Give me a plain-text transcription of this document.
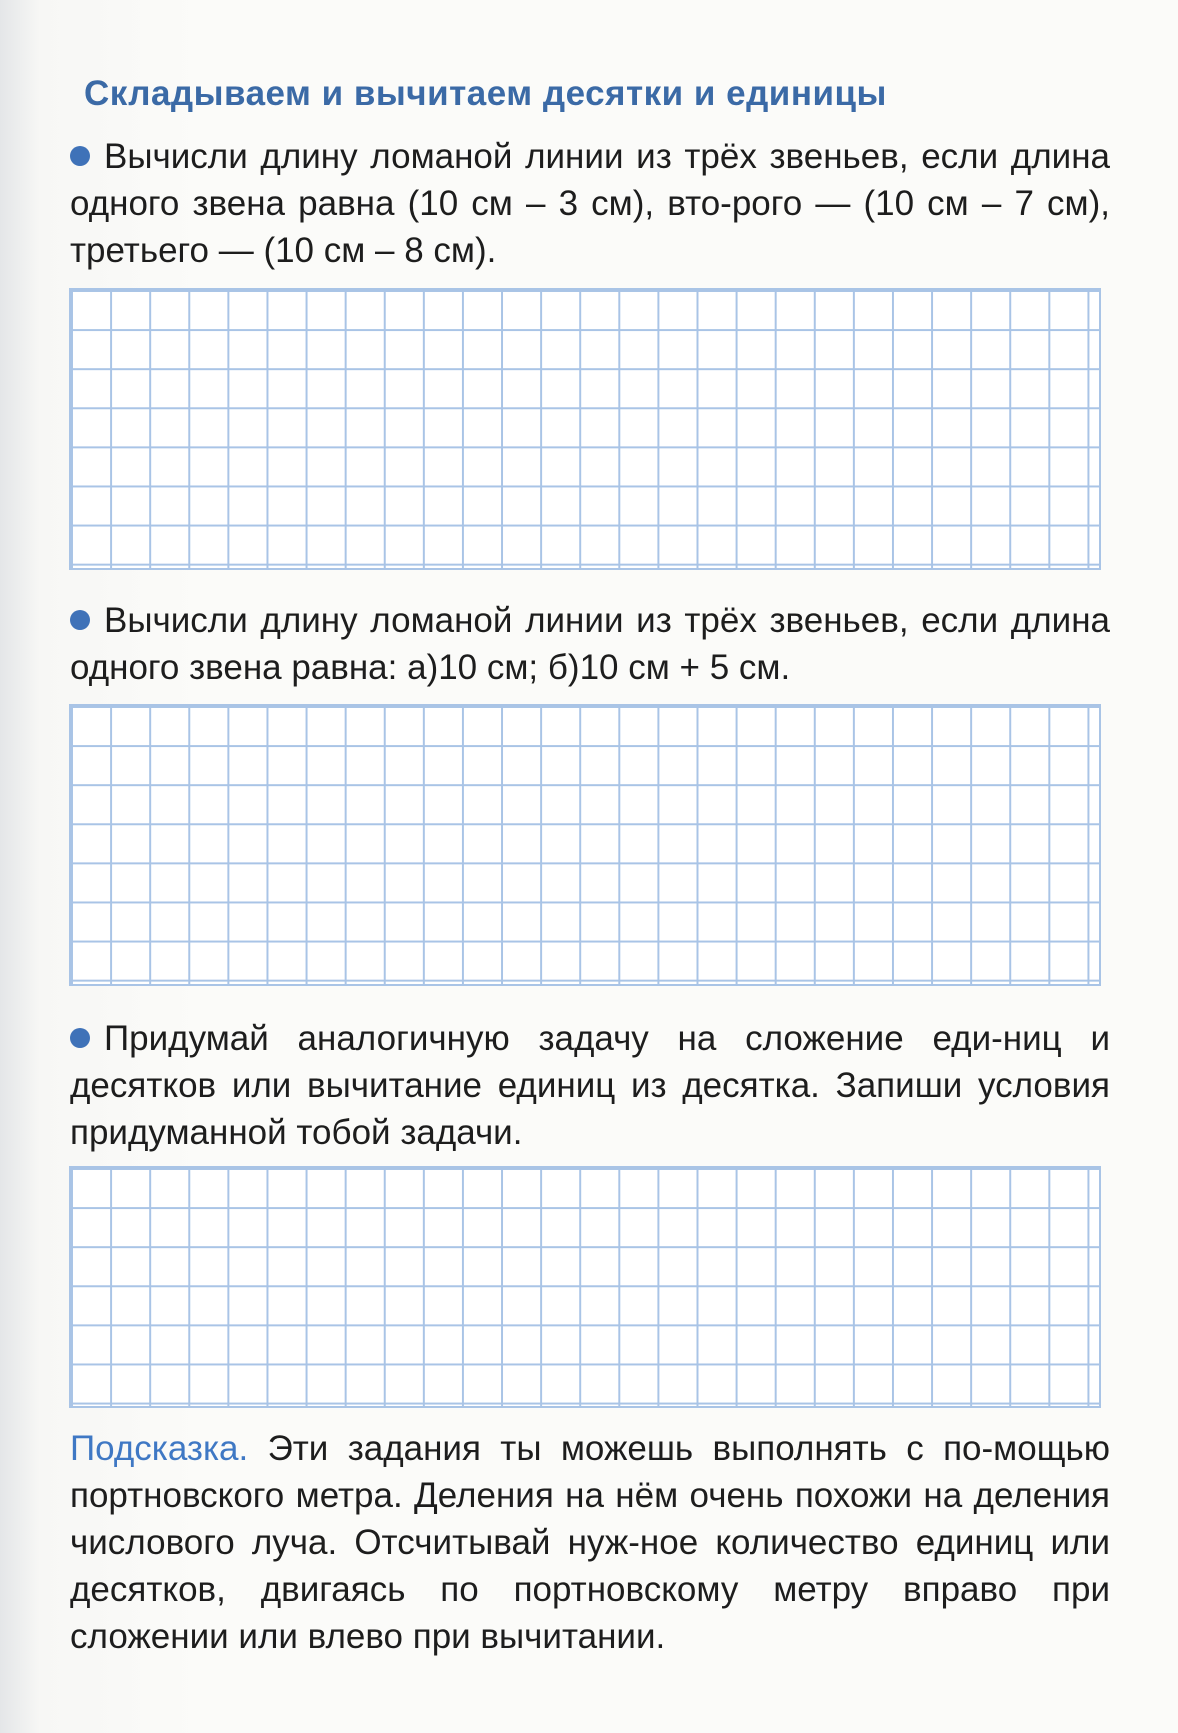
Складываем и вычитаем десятки и единицы
Вычисли длину ломаной линии из трёх звеньев, если длина одного звена равна (10 см – 3 см), вто-рого — (10 см – 7 см), третьего — (10 см – 8 см).
Вычисли длину ломаной линии из трёх звеньев, если длина одного звена равна: а)10 см; б)10 см + 5 см.
Придумай аналогичную задачу на сложение еди-ниц и десятков или вычитание единиц из десятка. Запиши условия придуманной тобой задачи.
Подсказка. Эти задания ты можешь выполнять с по-мощью портновского метра. Деления на нём очень похожи на деления числового луча. Отсчитывай нуж-ное количество единиц или десятков, двигаясь по портновскому метру вправо при сложении или влево при вычитании.
